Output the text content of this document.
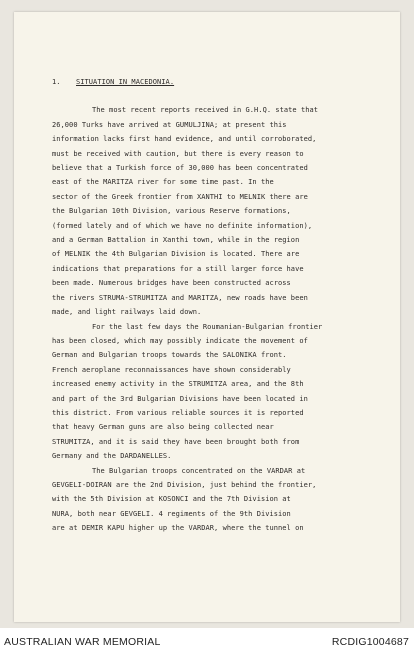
1.	SITUATION IN MACEDONIA.
The most recent reports received in G.H.Q. state that
26,000 Turks have arrived at GUMULJINA; at present this
information lacks first hand evidence, and until corroborated,
must be received with caution, but there is every reason to
believe that a Turkish force of 30,000 has been concentrated
east of the MARITZA river for some time past. In the
sector of the Greek frontier from XANTHI to MELNIK there are
the Bulgarian 10th Division, various Reserve formations,
(formed lately and of which we have no definite information),
and a German Battalion in Xanthi town, while in the region
of MELNIK the 4th Bulgarian Division is located. There are
indications that preparations for a still larger force have
been made. Numerous bridges have been constructed across
the rivers STRUMA-STRUMITZA and MARITZA, new roads have been
made, and light railways laid down.
For the last few days the Roumanian-Bulgarian frontier
has been closed, which may possibly indicate the movement of
German and Bulgarian troops towards the SALONIKA front.
French aeroplane reconnaissances have shown considerably
increased enemy activity in the STRUMITZA area, and the 8th
and part of the 3rd Bulgarian Divisions have been located in
this district. From various reliable sources it is reported
that heavy German guns are also being collected near
STRUMITZA, and it is said they have been brought both from
Germany and the DARDANELLES.
The Bulgarian troops concentrated on the VARDAR at
GEVGELI-DOIRAN are the 2nd Division, just behind the frontier,
with the 5th Division at KOSONCI and the 7th Division at
NURA, both near GEVGELI. 4 regiments of the 9th Division
are at DEMIR KAPU higher up the VARDAR, where the tunnel on
AUSTRALIAN WAR MEMORIAL	RCDIG1004687
